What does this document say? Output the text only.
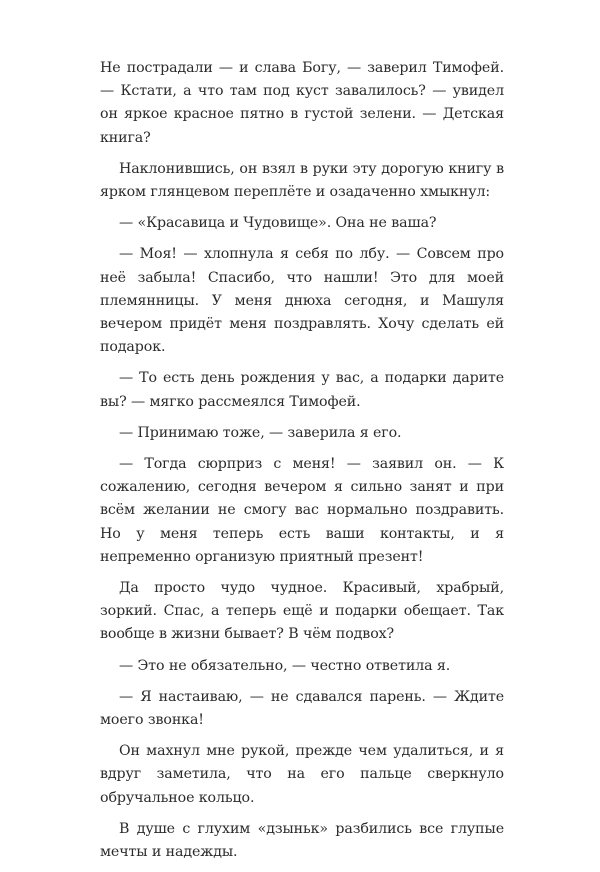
Не пострадали — и слава Богу, — заверил Тимофей. — Кстати, а что там под куст завалилось? — увидел он яркое красное пятно в густой зелени. — Детская книга?

Наклонившись, он взял в руки эту дорогую книгу в ярком глянцевом переплёте и озадаченно хмыкнул:

— «Красавица и Чудовище». Она не ваша?

— Моя! — хлопнула я себя по лбу. — Совсем про неё забыла! Спасибо, что нашли! Это для моей племянницы. У меня днюха сегодня, и Машуля вечером придёт меня поздравлять. Хочу сделать ей подарок.

— То есть день рождения у вас, а подарки дарите вы? — мягко рассмеялся Тимофей.

— Принимаю тоже, — заверила я его.

— Тогда сюрприз с меня! — заявил он. — К сожалению, сегодня вечером я сильно занят и при всём желании не смогу вас нормально поздравить. Но у меня теперь есть ваши контакты, и я непременно организую приятный презент!

Да просто чудо чудное. Красивый, храбрый, зоркий. Спас, а теперь ещё и подарки обещает. Так вообще в жизни бывает? В чём подвох?

— Это не обязательно, — честно ответила я.

— Я настаиваю, — не сдавался парень. — Ждите моего звонка!

Он махнул мне рукой, прежде чем удалиться, и я вдруг заметила, что на его пальце сверкнуло обручальное кольцо.

В душе с глухим «дзыньк» разбились все глупые мечты и надежды.
